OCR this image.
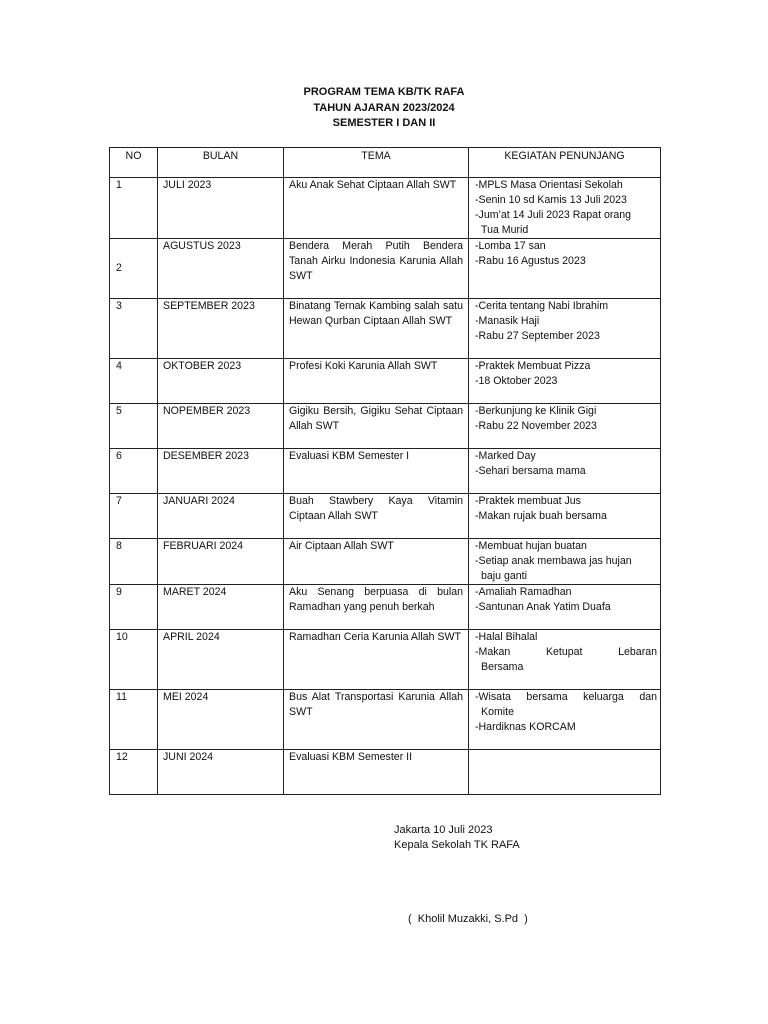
PROGRAM TEMA KB/TK RAFA
TAHUN AJARAN 2023/2024
SEMESTER I DAN II
NO	BULAN	TEMA	KEGIATAN PENUNJANG
1	JULI 2023	Aku Anak Sehat Ciptaan Allah SWT	-MPLS Masa Orientasi Sekolah
-Senin 10 sd Kamis 13 Juli 2023
-Jum’at 14 Juli 2023 Rapat orang
Tua Murid

2	AGUSTUS 2023	Bendera Merah Putih Bendera Tanah Airku Indonesia Karunia Allah SWT	-Lomba 17 san
-Rabu 16 Agustus 2023

3	SEPTEMBER 2023	Binatang Ternak Kambing salah satu Hewan Qurban Ciptaan Allah SWT	-Cerita tentang Nabi Ibrahim
-Manasik Haji
-Rabu 27 September 2023

4	OKTOBER 2023	Profesi Koki Karunia Allah SWT	-Praktek Membuat Pizza
-18 Oktober 2023

5	NOPEMBER 2023	Gigiku Bersih, Gigiku Sehat Ciptaan Allah SWT	-Berkunjung ke Klinik Gigi
-Rabu 22 November 2023

6	DESEMBER 2023	Evaluasi KBM Semester I	-Marked Day
-Sehari bersama mama

7	JANUARI 2024	Buah Stawbery Kaya Vitamin Ciptaan Allah SWT	-Praktek membuat Jus
-Makan rujak buah bersama

8	FEBRUARI 2024	Air Ciptaan Allah SWT	-Membuat hujan buatan
-Setiap anak membawa jas hujan
baju ganti

9	MARET 2024	Aku Senang berpuasa di bulan Ramadhan yang penuh berkah	-Amaliah Ramadhan
-Santunan Anak Yatim Duafa

10	APRIL 2024	Ramadhan Ceria Karunia Allah SWT	-Halal Bihalal
-Makan Ketupat Lebaran
Bersama

11	MEI 2024	Bus Alat Transportasi Karunia Allah SWT	-Wisata bersama keluarga dan
Komite
-Hardiknas KORCAM

12	JUNI 2024	Evaluasi KBM Semester II	
Jakarta 10 Juli 2023
Kepala Sekolah TK RAFA
(  Kholil Muzakki, S.Pd  )
